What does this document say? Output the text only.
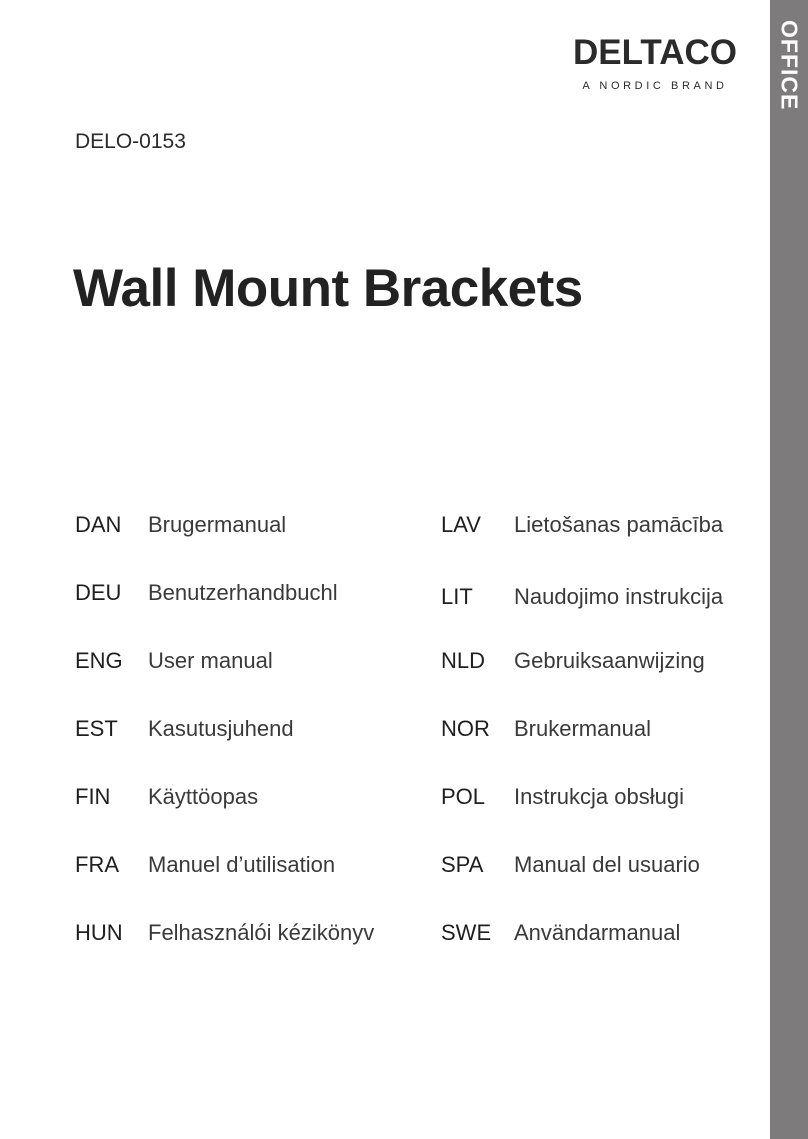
OFFICE
DELTACO
A NORDIC BRAND
DELO-0153
Wall Mount Brackets
DAN	Brugermanual
DEU	Benutzerhandbuchl
ENG	User manual
EST	Kasutusjuhend
FIN	Käyttöopas
FRA	Manuel d’utilisation
HUN	Felhasználói kézikönyv
LAV	Lietošanas pamācība
LIT	Naudojimo instrukcija
NLD	Gebruiksaanwijzing
NOR	Brukermanual
POL	Instrukcja obsługi
SPA	Manual del usuario
SWE	Användarmanual
